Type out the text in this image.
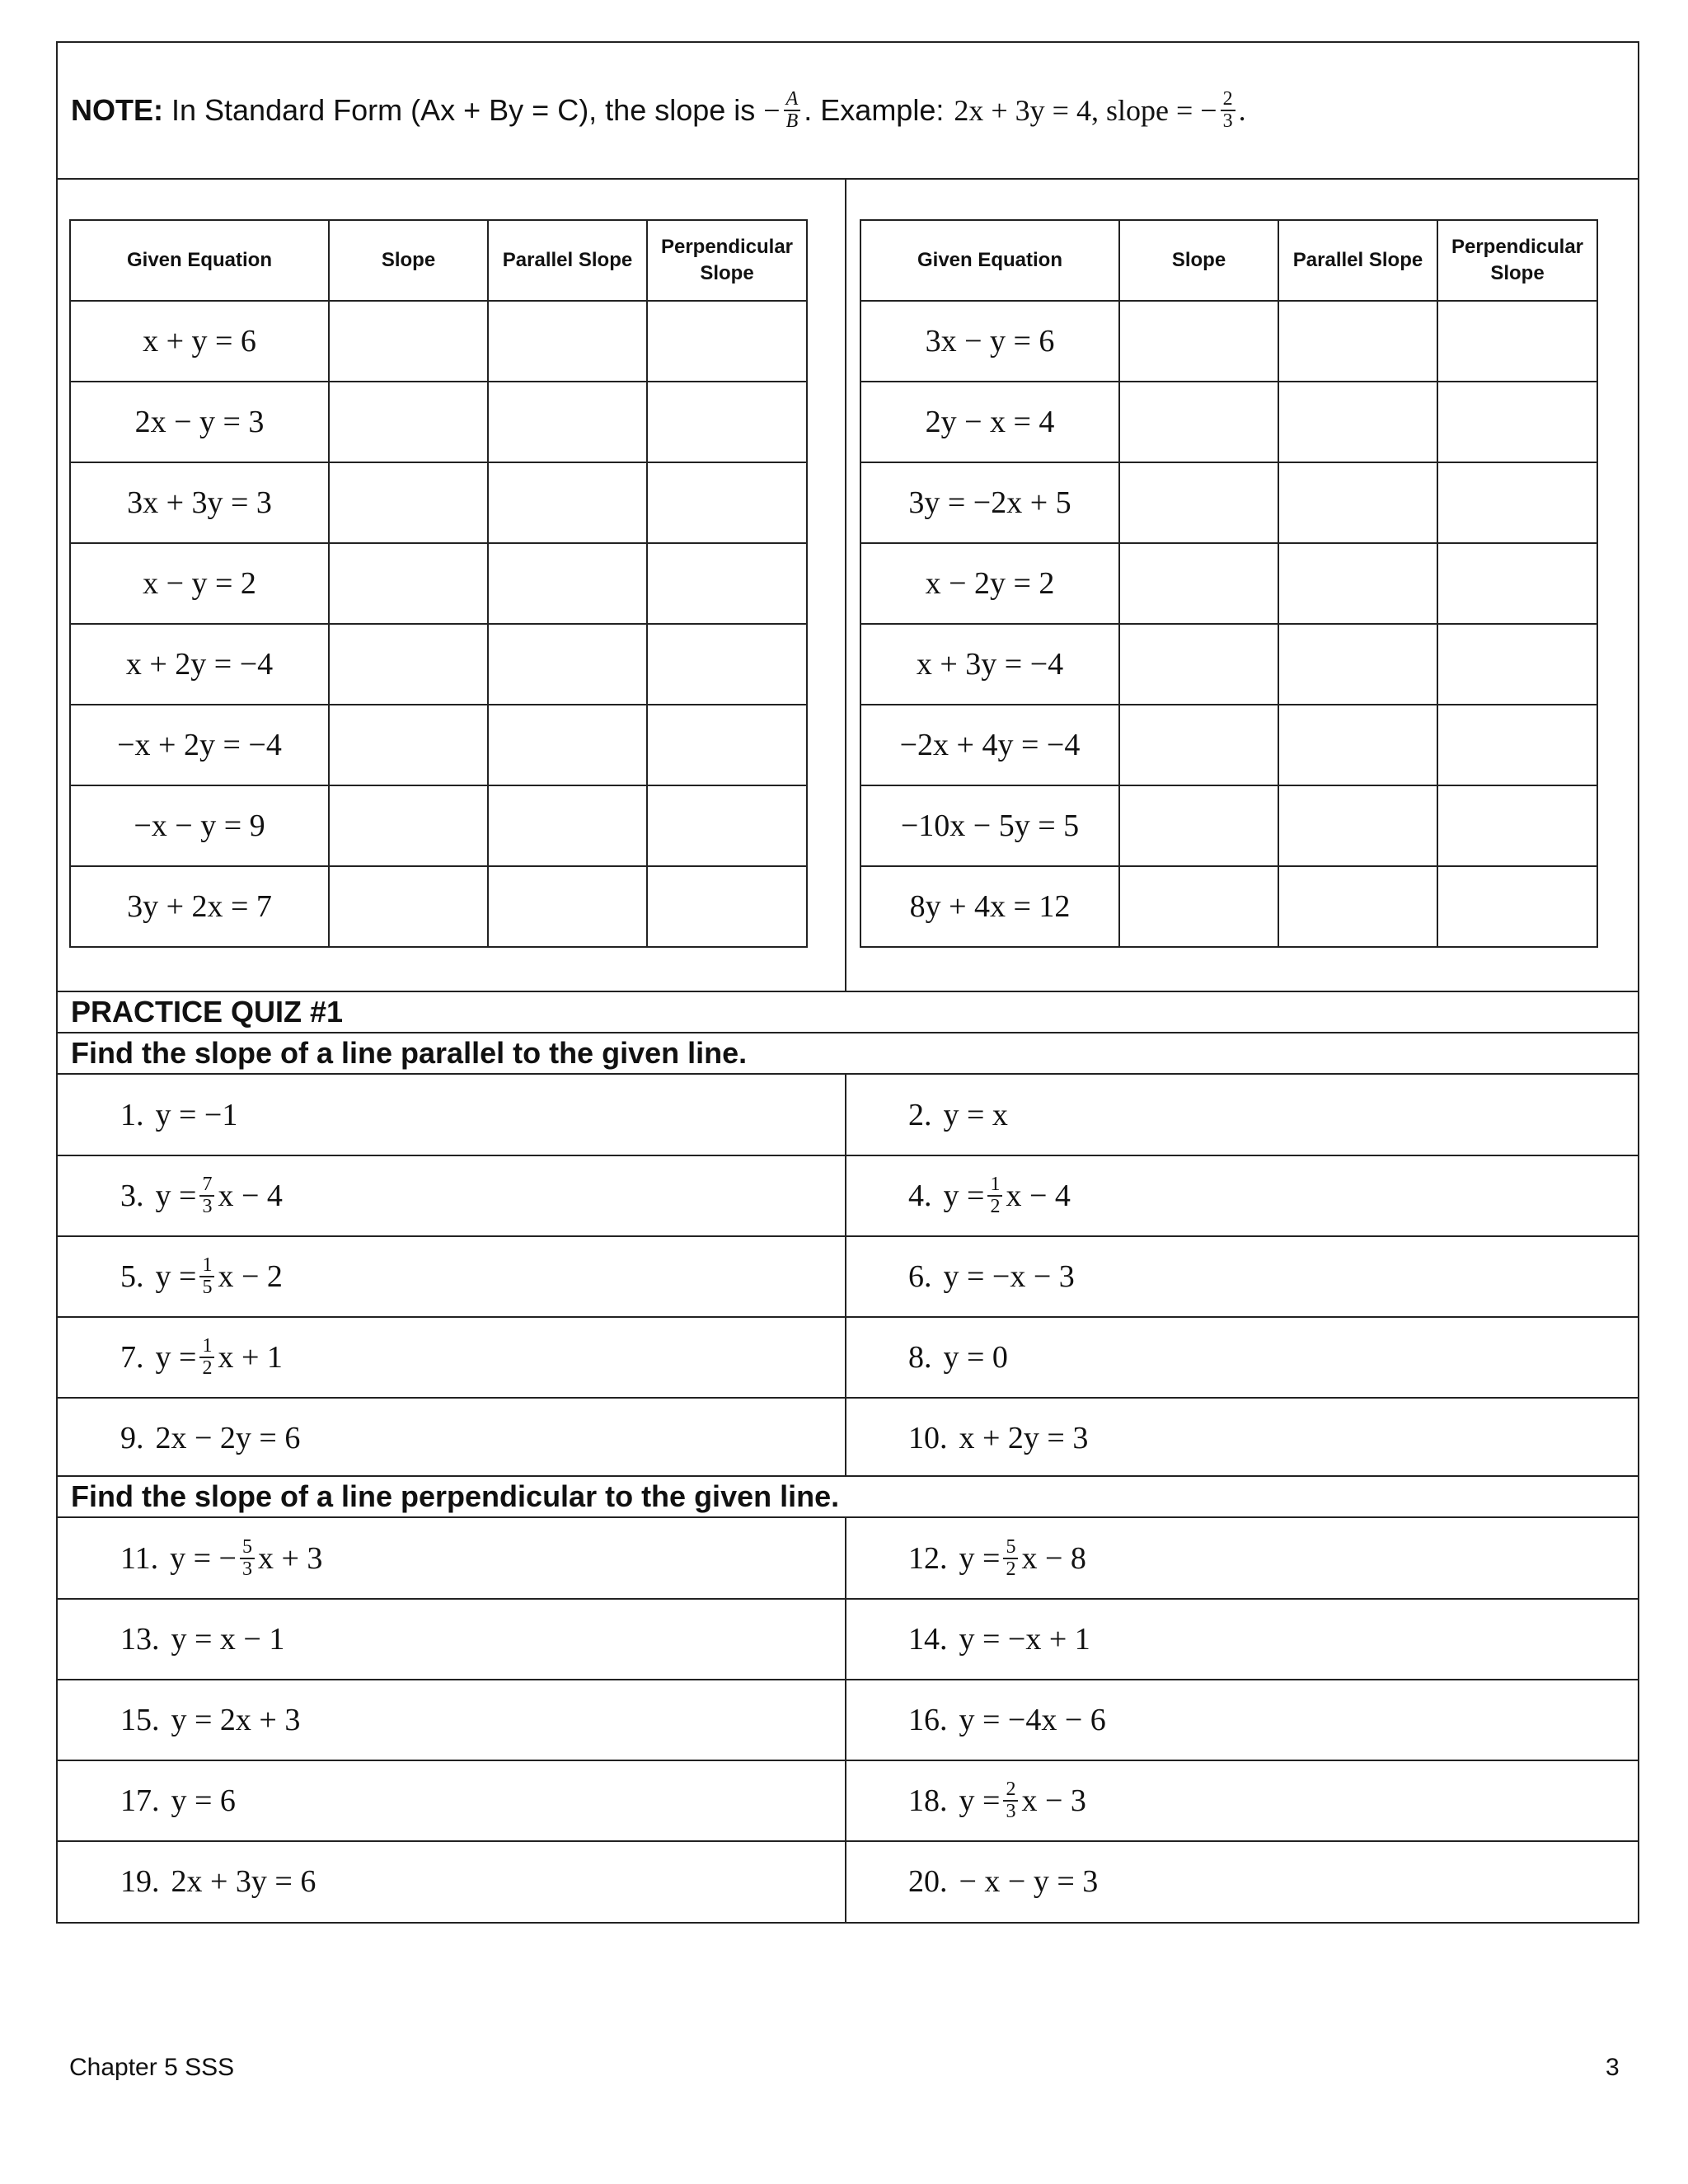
NOTE: In Standard Form (Ax + By = C), the slope is − $\frac{A}{B}$ . Example: 2x + 3y = 4, slope = − $\frac{2}{3}$ .
Given Equation	Slope	Parallel Slope	Perpendicular Slope
x + y = 6			
2x − y = 3			
3x + 3y = 3			
x − y = 2			
x + 2y = −4			
−x + 2y = −4			
−x − y = 9			
3y + 2x = 7			
Given Equation	Slope	Parallel Slope	Perpendicular Slope
3x − y = 6			
2y − x = 4			
3y = −2x + 5			
x − 2y = 2			
x + 3y = −4			
−2x + 4y = −4			
−10x − 5y = 5			
8y + 4x = 12			
PRACTICE QUIZ #1
Find the slope of a line parallel to the given line.
1. y = −1	2. y = x
3. $y = \frac{7}{3}$ x − 4	4. $y = \frac{1}{2}$ x − 4
5. $y = \frac{1}{5}$ x − 2	6. y = −x − 3
7. $y = \frac{1}{2}$ x + 1	8. y = 0
9. 2x − 2y = 6	10. x + 2y = 3
Find the slope of a line perpendicular to the given line.
11. y = − $\frac{5}{3}$ x + 3	12. $y = \frac{5}{2}$ x − 8
13. y = x − 1	14. y = −x + 1
15. y = 2x + 3	16. y = −4x − 6
17. y = 6	18. $y = \frac{2}{3}$ x − 3
19. 2x + 3y = 6	20. − x − y = 3
Chapter 5 SSS	3
